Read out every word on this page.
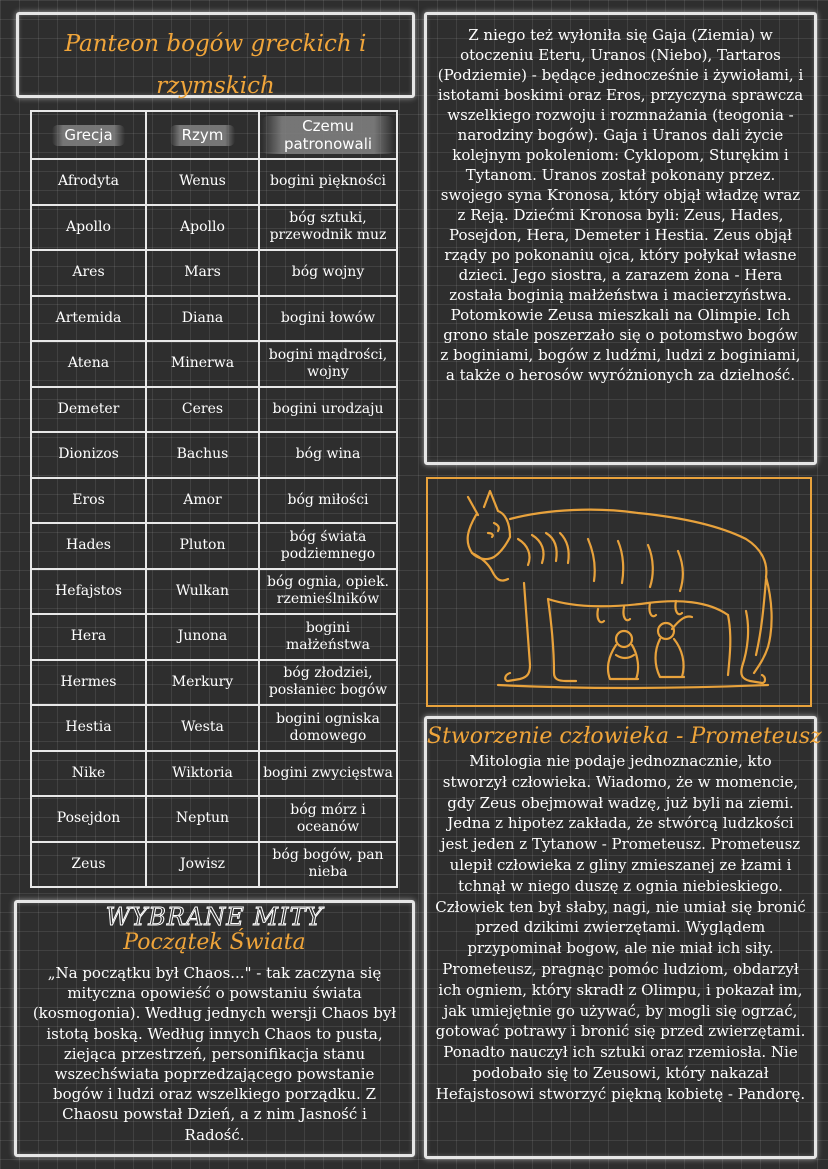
Panteon bogów greckich i rzymskich
Grecja	Rzym	Czemu patronowali
Afrodyta	Wenus	bogini piękności
Apollo	Apollo	bóg sztuki, przewodnik muz
Ares	Mars	bóg wojny
Artemida	Diana	bogini łowów
Atena	Minerwa	bogini mądrości, wojny
Demeter	Ceres	bogini urodzaju
Dionizos	Bachus	bóg wina
Eros	Amor	bóg miłości
Hades	Pluton	bóg świata podziemnego
Hefajstos	Wulkan	bóg ognia, opiek. rzemieślników
Hera	Junona	bogini małżeństwa
Hermes	Merkury	bóg złodziei, posłaniec bogów
Hestia	Westa	bogini ogniska domowego
Nike	Wiktoria	bogini zwycięstwa
Posejdon	Neptun	bóg mórz i oceanów
Zeus	Jowisz	bóg bogów, pan nieba

Z niego też wyłoniła się Gaja (Ziemia) w otoczeniu Eteru, Uranos (Niebo), Tartaros (Podziemie) - będące jednocześnie i żywiołami, i istotami boskimi oraz Eros, przyczyna sprawcza wszelkiego rozwoju i rozmnażania (teogonia - narodziny bogów). Gaja i Uranos dali życie kolejnym pokoleniom: Cyklopom, Sturękim i Tytanom. Uranos został pokonany przez. swojego syna Kronosa, który objął władzę wraz z Reją. Dziećmi Kronosa byli: Zeus, Hades, Posejdon, Hera, Demeter i Hestia. Zeus objął rządy po pokonaniu ojca, który połykał własne dzieci. Jego siostra, a zarazem żona - Hera została boginią małżeństwa i macierzyństwa. Potomkowie Zeusa mieszkali na Olimpie. Ich grono stale poszerzało się o potomstwo bogów z boginiami, bogów z ludźmi, ludzi z boginiami, a także o herosów wyróżnionych za dzielność.

Stworzenie człowieka - Prometeusz
Mitologia nie podaje jednoznacznie, kto stworzył człowieka. Wiadomo, że w momencie, gdy Zeus obejmował wadzę, już byli na ziemi. Jedna z hipotez zakłada, że stwórcą ludzkości jest jeden z Tytanow - Prometeusz. Prometeusz ulepił człowieka z gliny zmieszanej ze łzami i tchnął w niego duszę z ognia niebieskiego.
Człowiek ten był słaby, nagi, nie umiał się bronić przed dzikimi zwierzętami. Wyglądem przypominał bogow, ale nie miał ich siły. Prometeusz, pragnąc pomóc ludziom, obdarzył ich ogniem, który skradł z Olimpu, i pokazał im, jak umiejętnie go używać, by mogli się ogrzać, gotować potrawy i bronić się przed zwierzętami. Ponadto nauczył ich sztuki oraz rzemiosła. Nie podobało się to Zeusowi, który nakazał Hefajstosowi stworzyć piękną kobietę - Pandorę.
WYBRANE MITY
Początek Świata

„Na początku był Chaos..." - tak zaczyna się mityczna opowieść o powstaniu świata (kosmogonia). Według jednych wersji Chaos był istotą boską. Według innych Chaos to pusta, ziejąca przestrzeń, personifikacja stanu wszechświata poprzedzającego powstanie bogów i ludzi oraz wszelkiego porządku. Z Chaosu powstał Dzień, a z nim Jasność i Radość.
